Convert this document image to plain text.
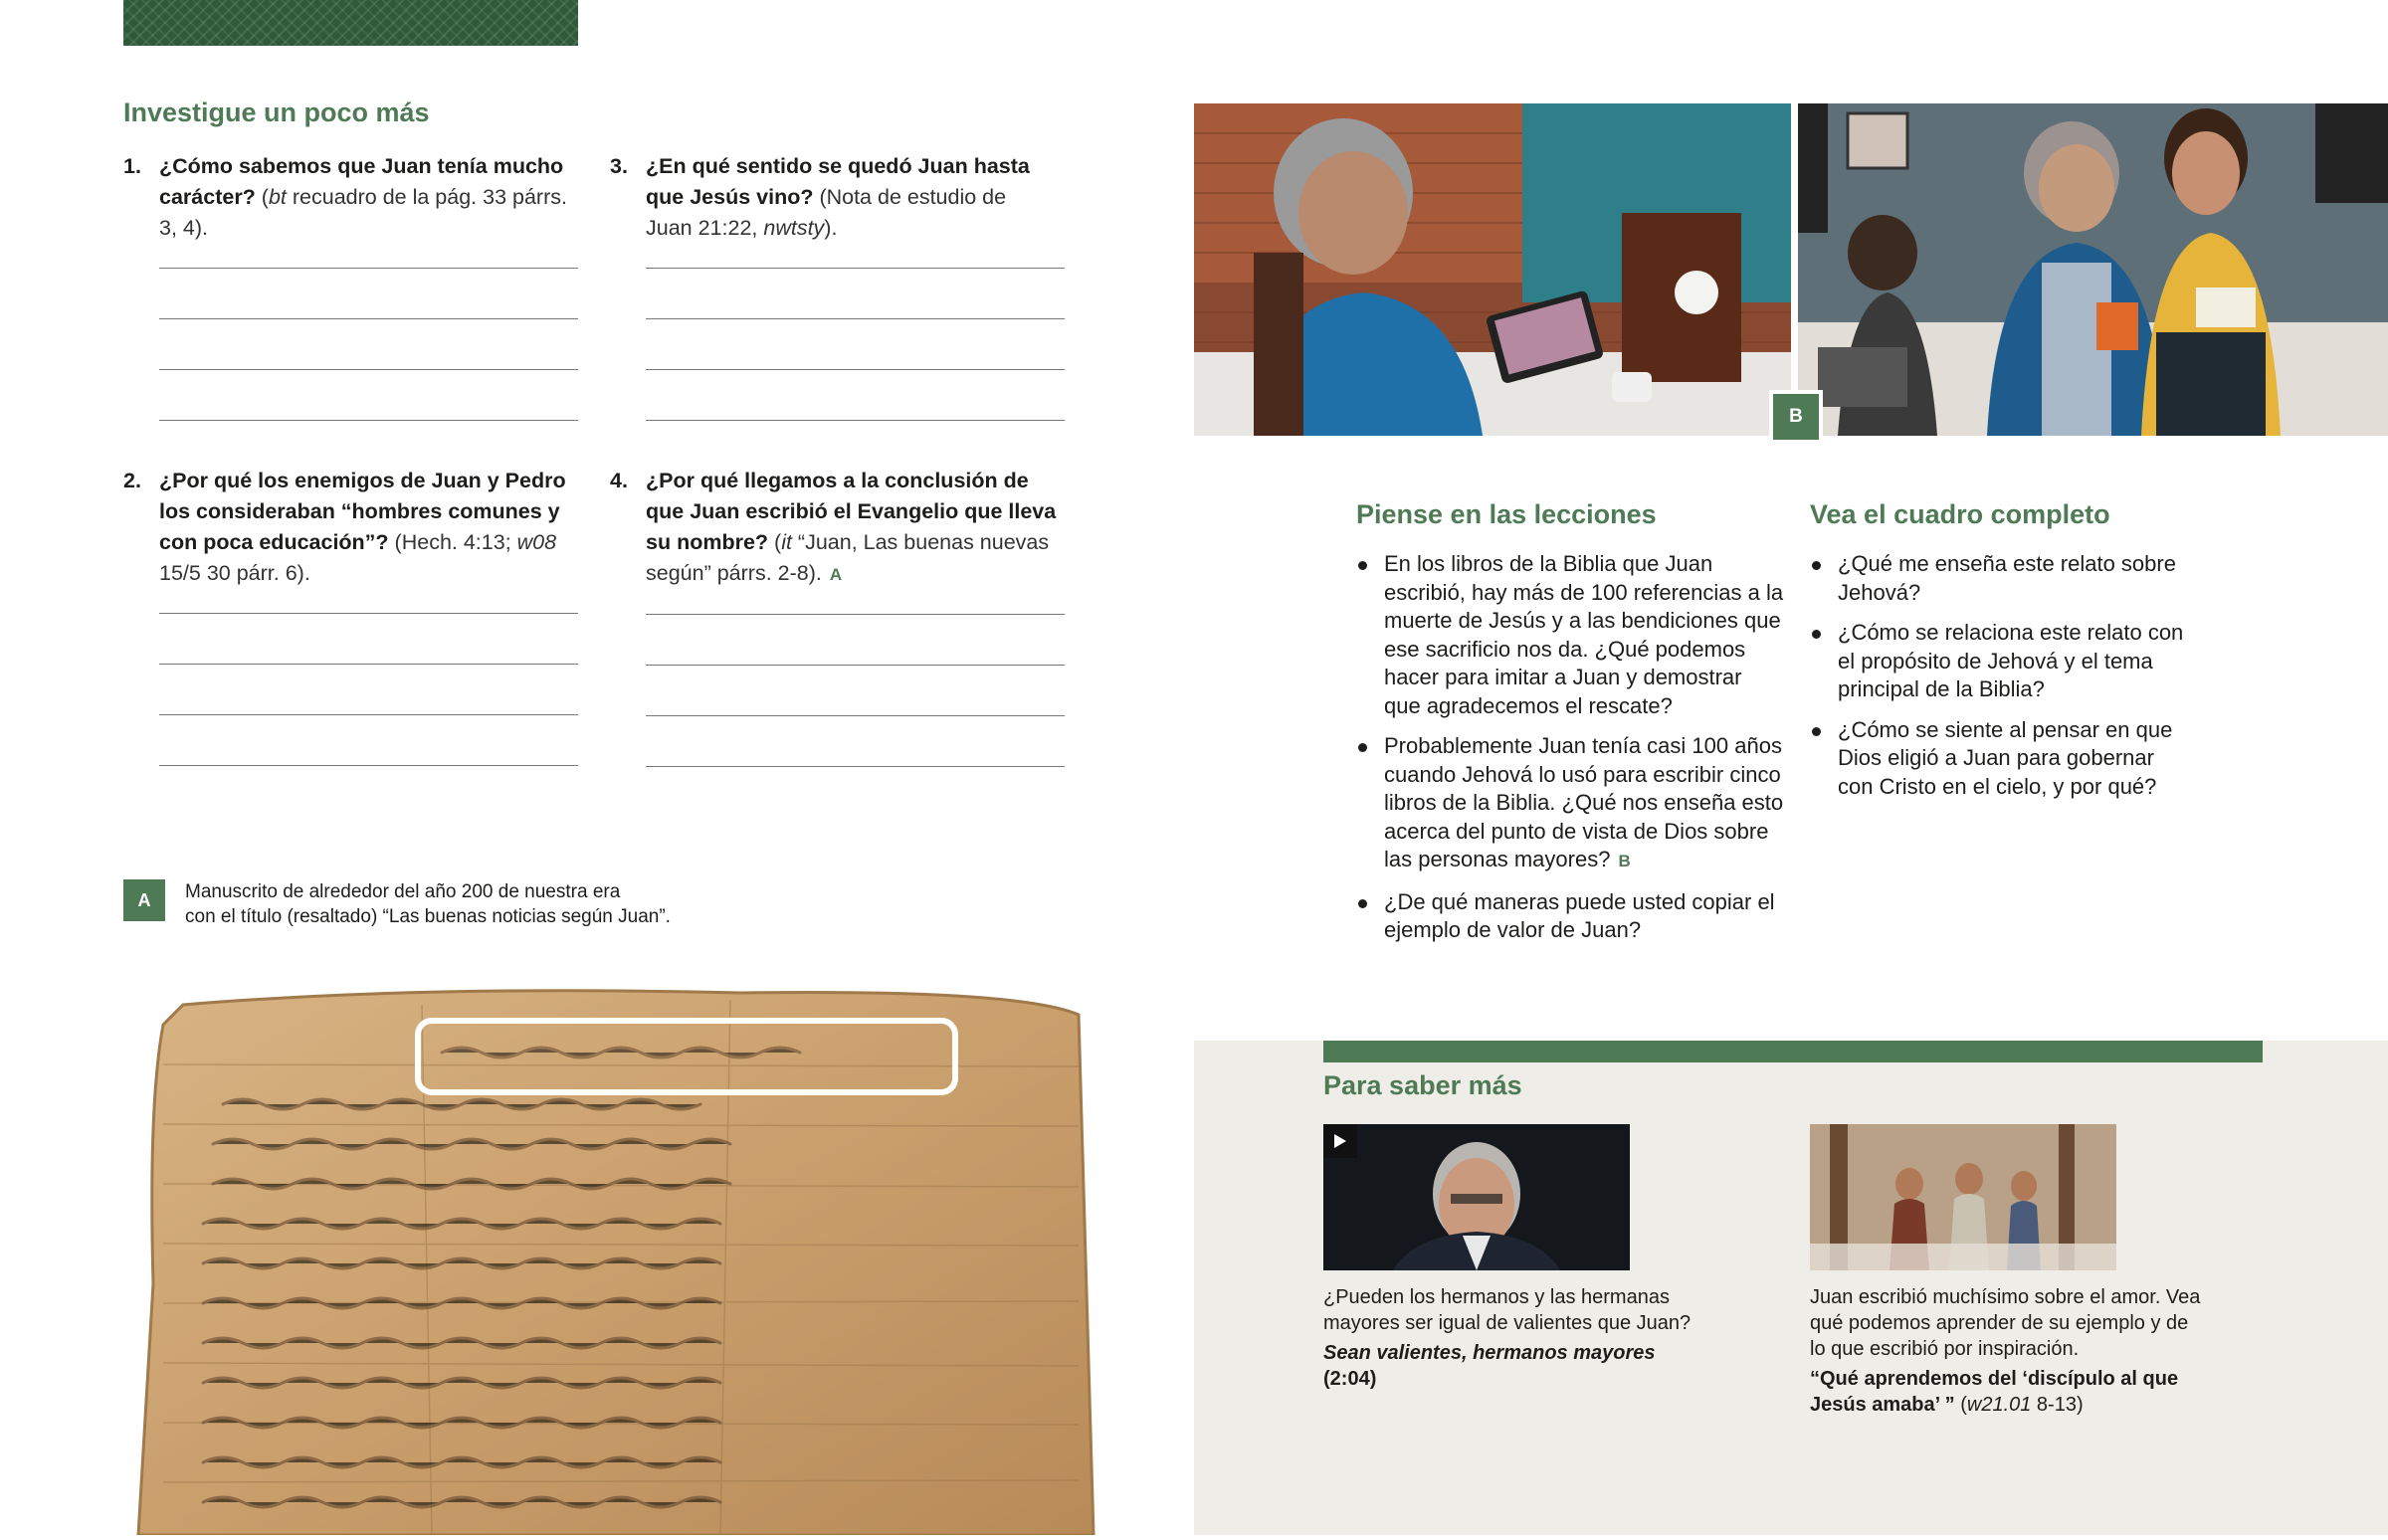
Investigue un poco más
1. ¿Cómo sabemos que Juan tenía mucho carácter? (bt recuadro de la pág. 33 párrs. 3, 4).
2. ¿Por qué los enemigos de Juan y Pedro los consideraban “hombres comunes y con poca educación”? (Hech. 4:13; w08 15/5 30 párr. 6).
3. ¿En qué sentido se quedó Juan hasta que Jesús vino? (Nota de estudio de Juan 21:22, nwtsty).
4. ¿Por qué llegamos a la conclusión de que Juan escribió el Evangelio que lleva su nombre? (it “Juan, Las buenas nuevas según” párrs. 2-8). A
A	Manuscrito de alrededor del año 200 de nuestra era
con el título (resaltado) “Las buenas noticias según Juan”.
B
Piense en las lecciones
En los libros de la Biblia que Juan escribió, hay más de 100 referencias a la muerte de Jesús y a las bendiciones que ese sacrificio nos da. ¿Qué podemos hacer para imitar a Juan y demostrar que agradecemos el rescate?
Probablemente Juan tenía casi 100 años cuando Jehová lo usó para escribir cinco libros de la Biblia. ¿Qué nos enseña esto acerca del punto de vista de Dios sobre las personas mayores? B
¿De qué maneras puede usted copiar el ejemplo de valor de Juan?
Vea el cuadro completo
¿Qué me enseña este relato sobre Jehová?
¿Cómo se relaciona este relato con el propósito de Jehová y el tema principal de la Biblia?
¿Cómo se siente al pensar en que Dios eligió a Juan para gobernar con Cristo en el cielo, y por qué?
Para saber más
¿Pueden los hermanos y las hermanas mayores ser igual de valientes que Juan?
Sean valientes, hermanos mayores
(2:04)
Juan escribió muchísimo sobre el amor. Vea qué podemos aprender de su ejemplo y de lo que escribió por inspiración.
“Qué aprendemos del ‘discípulo al que Jesús amaba’ ” (w21.01 8-13)
